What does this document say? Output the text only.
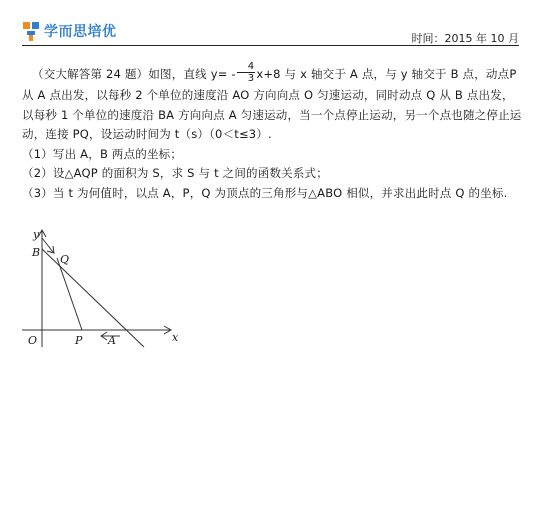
学而思培优	时间：2015 年 10 月

（交大解答第 24 题）如图，直线 $y= - \frac{4}{3} x+8$ 与 x 轴交于 A 点，与 y 轴交于 B 点，动点P 从 A 点出发，以每秒 2 个单位的速度沿 AO 方向向点 O 匀速运动，同时动点 Q 从 B 点出发，以每秒 1 个单位的速度沿 BA 方向向点 A 匀速运动，当一个点停止运动，另一个点也随之停止运动，连接 PQ，设运动时间为 t（s）（0＜t≤3）.

（1）写出 A，B 两点的坐标；

（2）设△AQP 的面积为 S，求 S 与 t 之间的函数关系式；

（3）当 t 为何值时，以点 A，P，Q 为顶点的三角形与△ABO 相似，并求出此时点 Q 的坐标.

y
x
B
Q
O	P A
